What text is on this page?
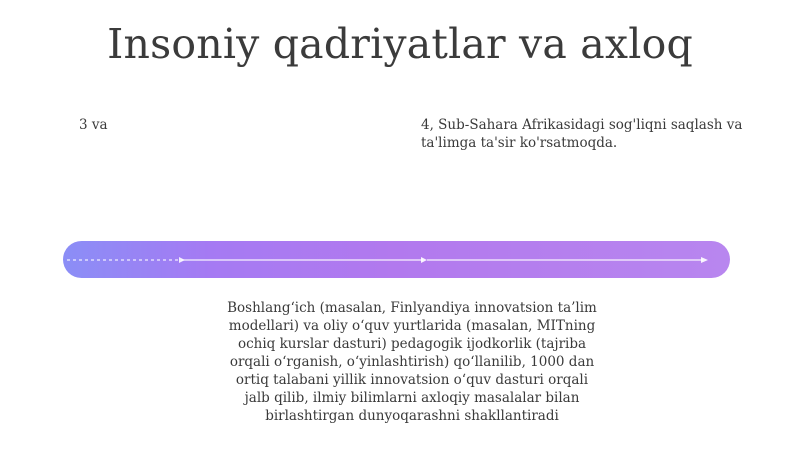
Insoniy qadriyatlar va axloq
3 va	4, Sub-Sahara Afrikasidagi sog'liqni saqlash va ta'limga ta'sir ko'rsatmoqda.
Boshlang‘ich (masalan, Finlyandiya innovatsion ta’lim modellari) va oliy o‘quv yurtlarida (masalan, MITning ochiq kurslar dasturi) pedagogik ijodkorlik (tajriba orqali o‘rganish, o‘yinlashtirish) qo‘llanilib, 1000 dan ortiq talabani yillik innovatsion o‘quv dasturi orqali jalb qilib, ilmiy bilimlarni axloqiy masalalar bilan birlashtirgan dunyoqarashni shakllantiradi
